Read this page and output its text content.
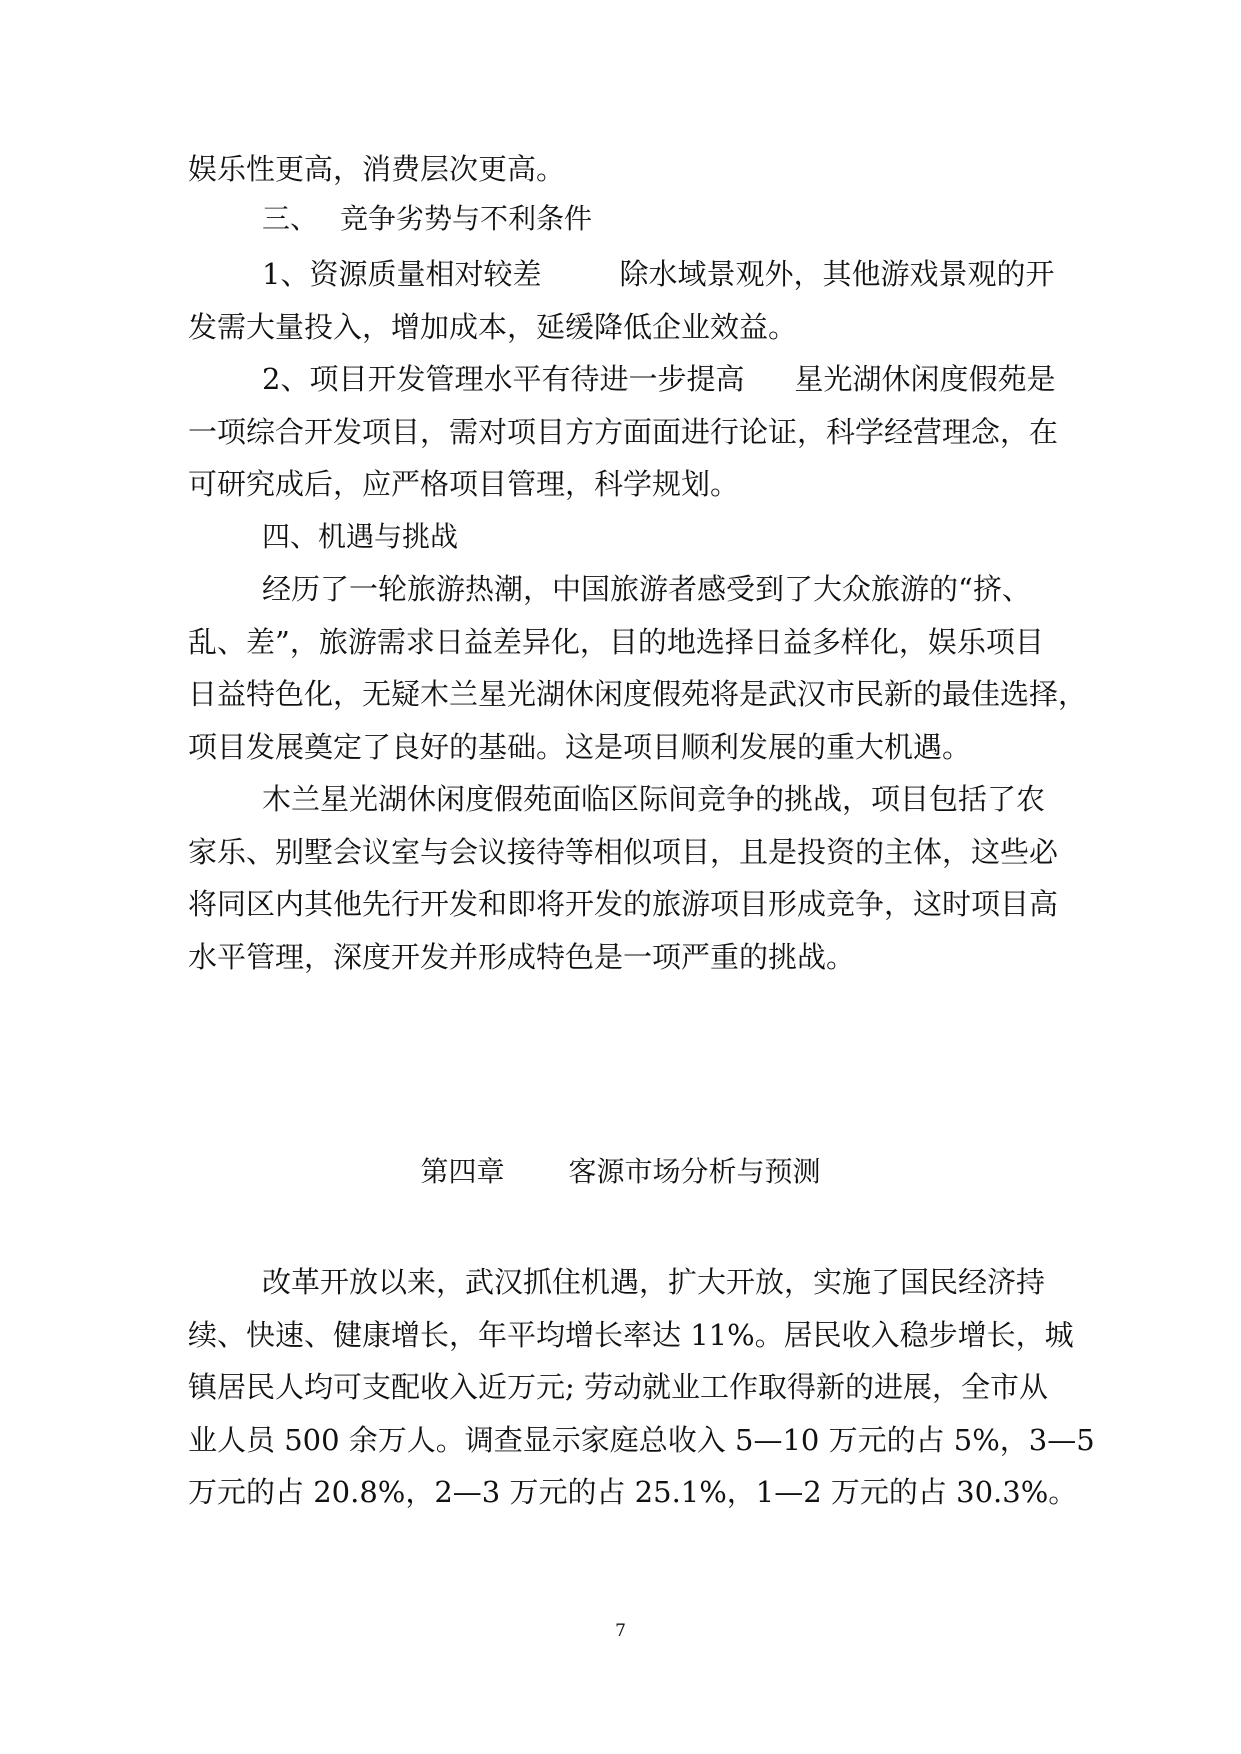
娱乐性更高，消费层次更高。
三、 竞争劣势与不利条件
1、资源质量相对较差	除水域景观外，其他游戏景观的开
发需大量投入，增加成本，延缓降低企业效益。
2、项目开发管理水平有待进一步提高 星光湖休闲度假苑是
一项综合开发项目，需对项目方方面面进行论证，科学经营理念，在
可研究成后，应严格项目管理，科学规划。
四、机遇与挑战
经历了一轮旅游热潮，中国旅游者感受到了大众旅游的“挤、
乱、差”，旅游需求日益差异化，目的地选择日益多样化，娱乐项目
日益特色化，无疑木兰星光湖休闲度假苑将是武汉市民新的最佳选择，
项目发展奠定了良好的基础。这是项目顺利发展的重大机遇。
木兰星光湖休闲度假苑面临区际间竞争的挑战，项目包括了农
家乐、别墅会议室与会议接待等相似项目，且是投资的主体，这些必
将同区内其他先行开发和即将开发的旅游项目形成竞争，这时项目高
水平管理，深度开发并形成特色是一项严重的挑战。
第四章 客源市场分析与预测
改革开放以来，武汉抓住机遇，扩大开放，实施了国民经济持
续、快速、健康增长，年平均增长率达 11%。居民收入稳步增长，城
镇居民人均可支配收入近万元; 劳动就业工作取得新的进展，全市从
业人员 500 余万人。调查显示家庭总收入 5—10 万元的占 5%，3—5
万元的占 20.8%，2—3 万元的占 25.1%，1—2 万元的占 30.3%。
7
